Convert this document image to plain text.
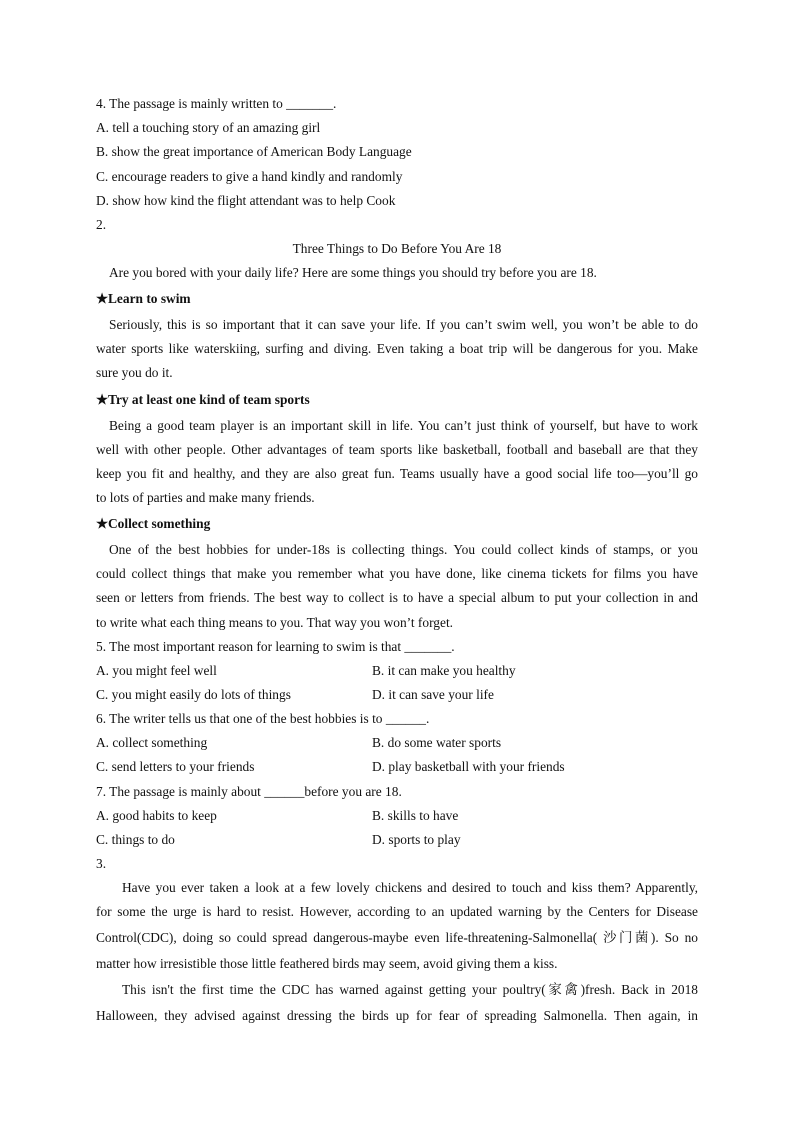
4. The passage is mainly written to _______.
A. tell a touching story of an amazing girl
B. show the great importance of American Body Language
C. encourage readers to give a hand kindly and randomly
D. show how kind the flight attendant was to help Cook
2.
Three Things to Do Before You Are 18
Are you bored with your daily life? Here are some things you should try before you are 18.
★Learn to swim
Seriously, this is so important that it can save your life. If you can’t swim well, you won’t be able to do
water sports like waterskiing, surfing and diving. Even taking a boat trip will be dangerous for you. Make
sure you do it.
★Try at least one kind of team sports
Being a good team player is an important skill in life. You can’t just think of yourself, but have to work
well with other people. Other advantages of team sports like basketball, football and baseball are that they
keep you fit and healthy, and they are also great fun. Teams usually have a good social life too—you’ll go
to lots of parties and make many friends.
★Collect something
One of the best hobbies for under-18s is collecting things. You could collect kinds of stamps, or you
could collect things that make you remember what you have done, like cinema tickets for films you have
seen or letters from friends. The best way to collect is to have a special album to put your collection in and
to write what each thing means to you. That way you won’t forget.
5. The most important reason for learning to swim is that _______.
A. you might feel well	B. it can make you healthy
C. you might easily do lots of things	D. it can save your life
6. The writer tells us that one of the best hobbies is to ______.
A. collect something	B. do some water sports
C. send letters to your friends	D. play basketball with your friends
7. The passage is mainly about ______before you are 18.
A. good habits to keep	B. skills to have
C. things to do	D. sports to play
3.
Have you ever taken a look at a few lovely chickens and desired to touch and kiss them? Apparently,
for some the urge is hard to resist. However, according to an updated warning by the Centers for Disease
Control(CDC), doing so could spread dangerous-maybe even life-threatening-Salmonella( 沙门菌). So no
matter how irresistible those little feathered birds may seem, avoid giving them a kiss.
This isn't the first time the CDC has warned against getting your poultry(家禽)fresh. Back in 2018
Halloween, they advised against dressing the birds up for fear of spreading Salmonella. Then again, in
